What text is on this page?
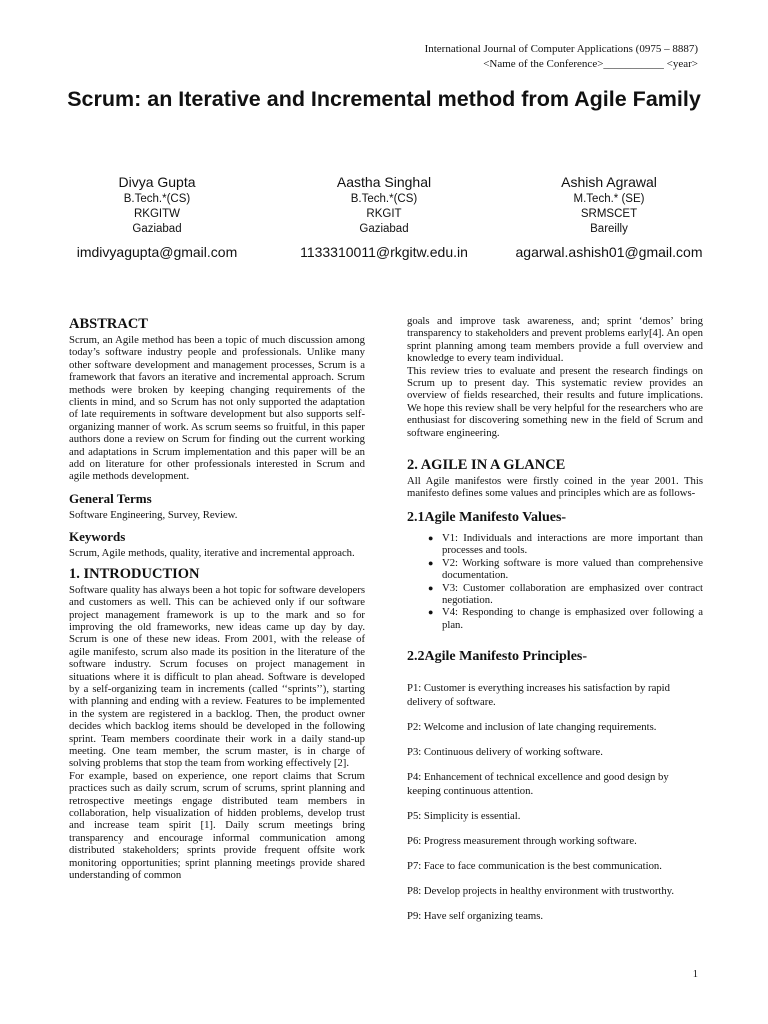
International Journal of Computer Applications (0975 – 8887)
<Name of the Conference>___________ <year>
Scrum: an Iterative and Incremental method from Agile Family
Divya Gupta
B.Tech.*(CS)
RKGITW
Gaziabad
imdivyagupta@gmail.com
Aastha Singhal
B.Tech.*(CS)
RKGIT
Gaziabad
1133310011@rkgitw.edu.in
Ashish Agrawal
M.Tech.* (SE)
SRMSCET
Bareilly
agarwal.ashish01@gmail.com
ABSTRACT

Scrum, an Agile method has been a topic of much discussion among today’s software industry people and professionals. Unlike many other software development and management processes, Scrum is a framework that favors an iterative and incremental approach. Scrum methods were broken by keeping changing requirements of the clients in mind, and so Scrum has not only supported the adaptation of late requirements in software development but also supports self-organizing manner of work. As scrum seems so fruitful, in this paper authors done a review on Scrum for finding out the current working and adaptations in Scrum implementation and this paper will be an add on literature for other professionals interested in Scrum and agile methods development.

General Terms

Software Engineering, Survey, Review.

Keywords

Scrum, Agile methods, quality, iterative and incremental approach.

1. INTRODUCTION

Software quality has always been a hot topic for software developers and customers as well. This can be achieved only if our software project management framework is up to the mark and so for improving the old frameworks, new ideas came up day by day. Scrum is one of these new ideas. From 2001, with the release of agile manifesto, scrum also made its position in the literature of the software industry. Scrum focuses on project management in situations where it is difficult to plan ahead. Software is developed by a self-organizing team in increments (called ‘‘sprints’’), starting with planning and ending with a review. Features to be implemented in the system are registered in a backlog. Then, the product owner decides which backlog items should be developed in the following sprint. Team members coordinate their work in a daily stand-up meeting. One team member, the scrum master, is in charge of solving problems that stop the team from working effectively [2].

For example, based on experience, one report claims that Scrum practices such as daily scrum, scrum of scrums, sprint planning and retrospective meetings engage distributed team members in collaboration, help visualization of hidden problems, develop trust and increase team spirit [1]. Daily scrum meetings bring transparency and encourage informal communication among distributed stakeholders; sprints provide frequent offsite work monitoring opportunities; sprint planning meetings provide shared understanding of common

goals and improve task awareness, and; sprint ‘demos’ bring transparency to stakeholders and prevent problems early[4]. An open sprint planning among team members provide a full overview and knowledge to every team individual.

This review tries to evaluate and present the research findings on Scrum up to present day. This systematic review provides an overview of fields researched, their results and future implications. We hope this review shall be very helpful for the researchers who are enthusiast for discovering something new in the field of Scrum and software engineering.

2. AGILE IN A GLANCE

All Agile manifestos were firstly coined in the year 2001. This manifesto defines some values and principles which are as follows-

2.1Agile Manifesto Values-
● V1: Individuals and interactions are more important than processes and tools.
● V2: Working software is more valued than comprehensive documentation.
● V3: Customer collaboration are emphasized over contract negotiation.
● V4: Responding to change is emphasized over following a plan.
2.2Agile Manifesto Principles-

P1: Customer is everything increases his satisfaction by rapid delivery of software.

P2: Welcome and inclusion of late changing requirements.

P3: Continuous delivery of working software.

P4: Enhancement of technical excellence and good design by keeping continuous attention.

P5: Simplicity is essential.

P6: Progress measurement through working software.

P7: Face to face communication is the best communication.

P8: Develop projects in healthy environment with trustworthy.

P9: Have self organizing teams.

1
